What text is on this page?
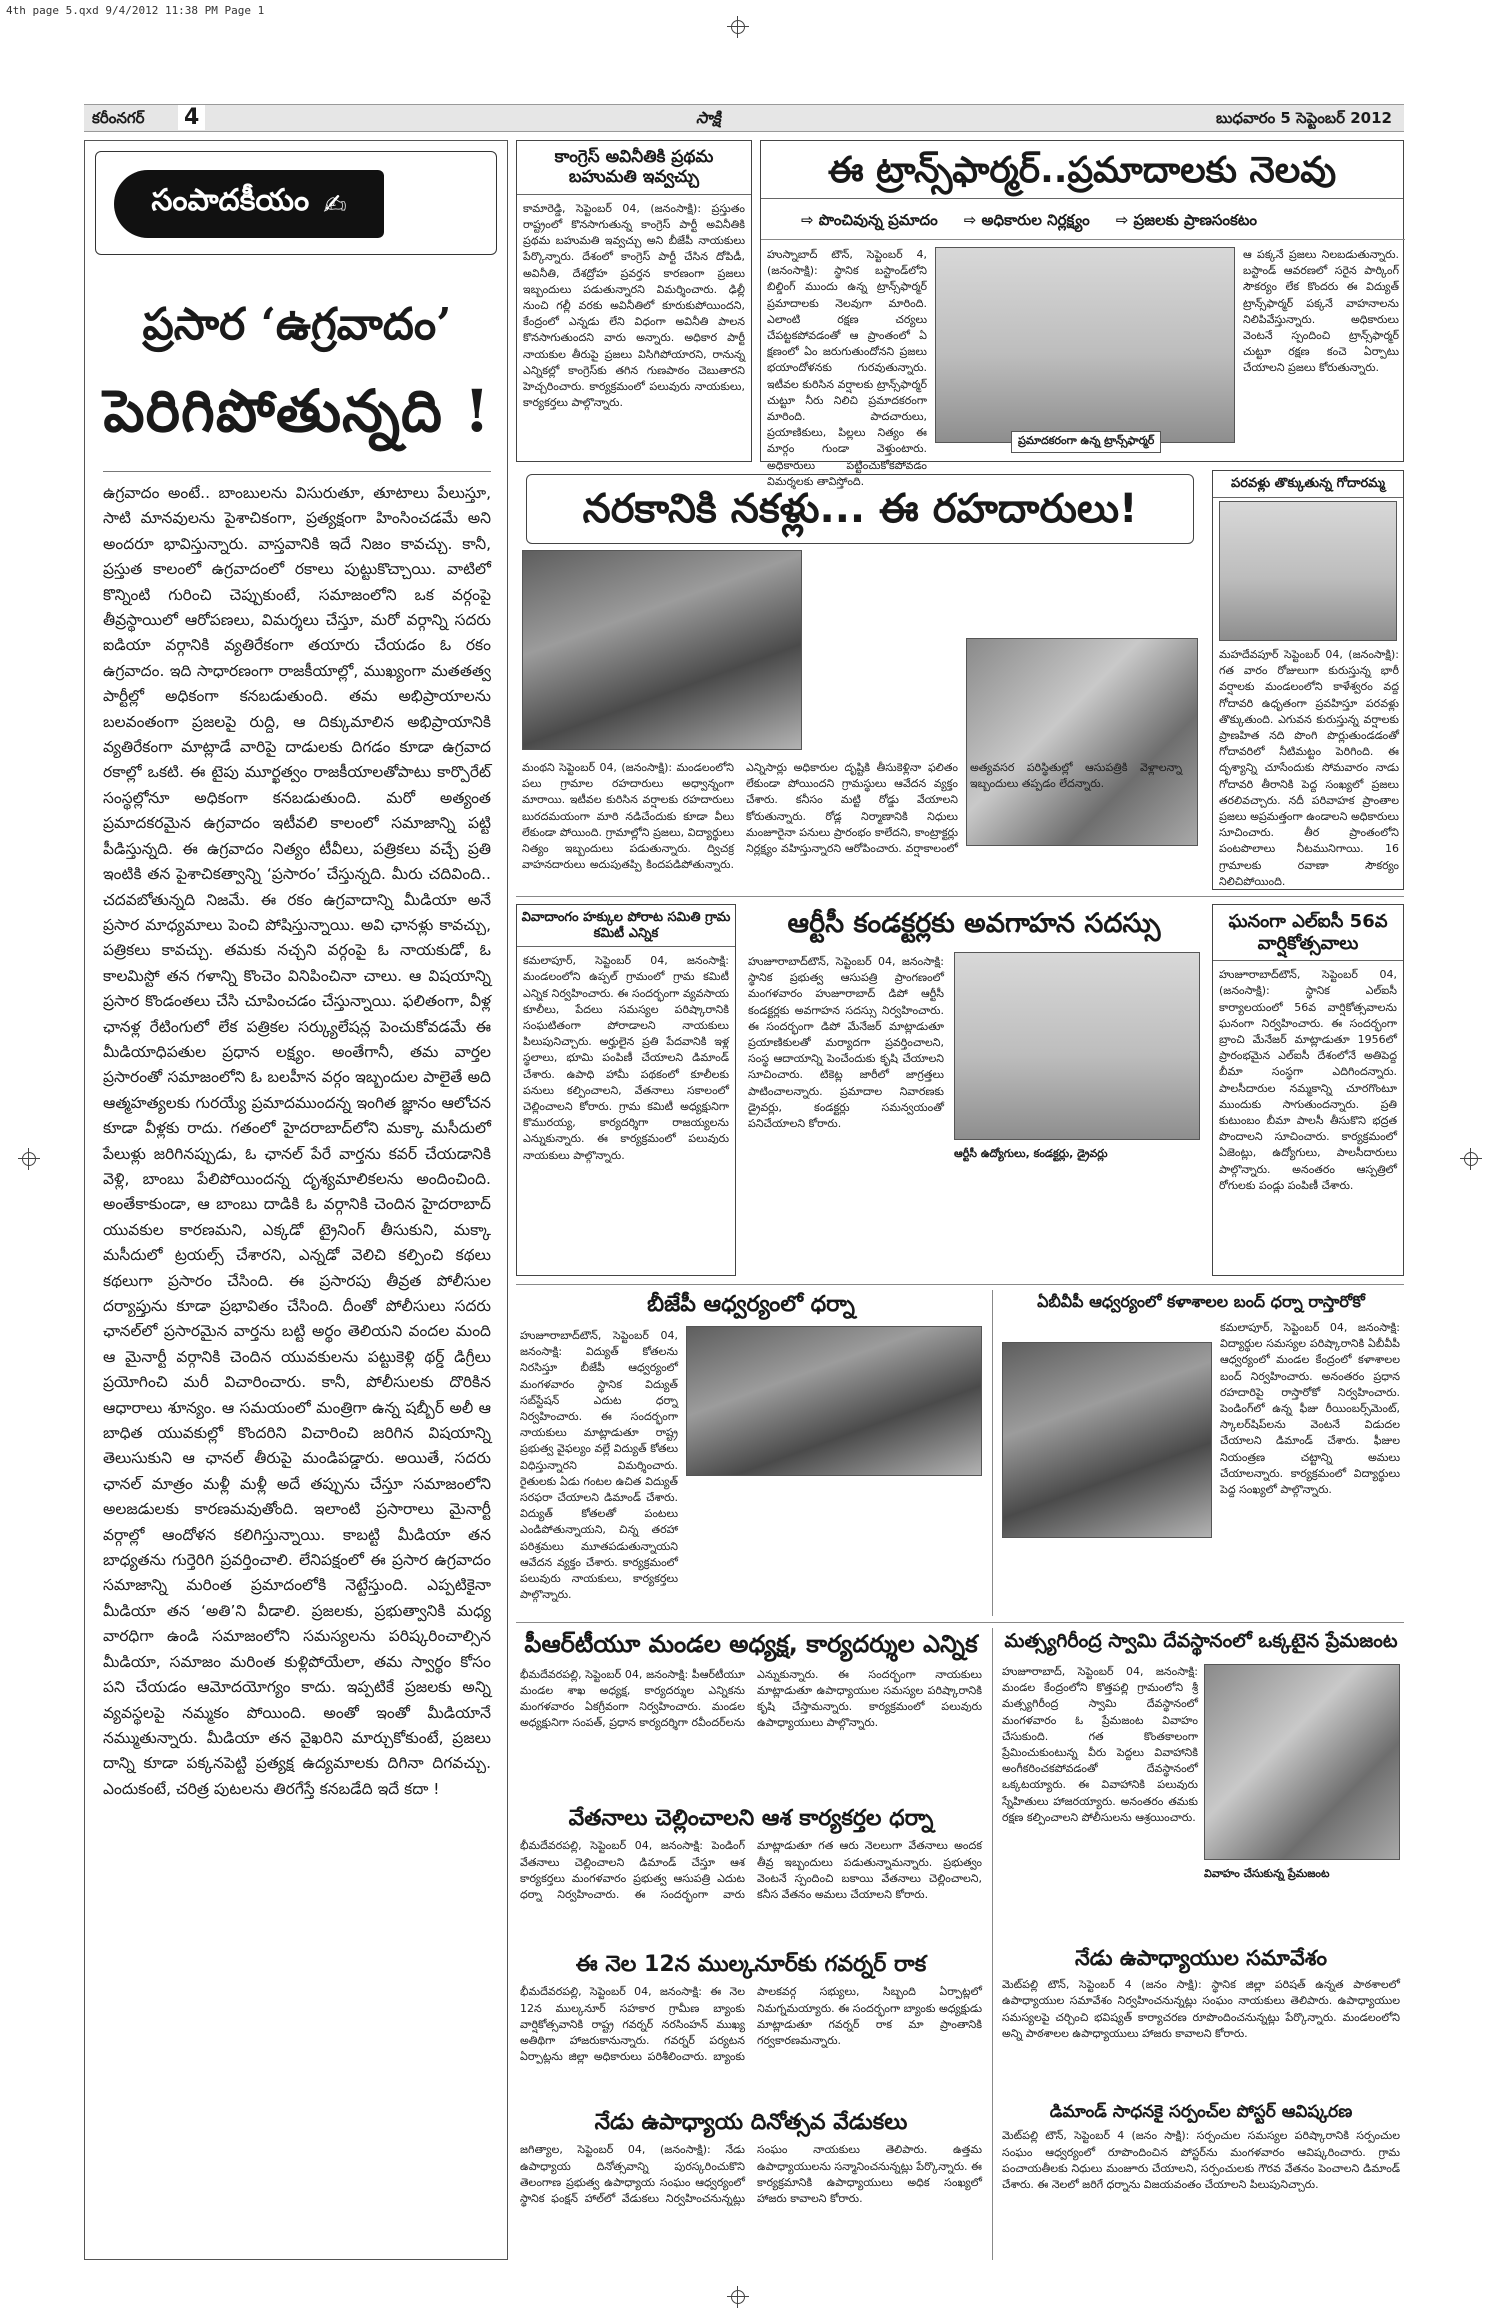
4th page 5.qxd 9/4/2012 11:38 PM Page 1
కరీంనగర్ 4	సాక్షి	బుధవారం 5 సెప్టెంబర్ 2012
సంపాదకీయం ✍
ప్రసార ‘ఉగ్రవాదం’
పెరిగిపోతున్నది !
ఉగ్రవాదం అంటే.. బాంబులను విసురుతూ, తూటాలు పేలుస్తూ, సాటి మానవులను పైశాచికంగా, ప్రత్యక్షంగా హింసించడమే అని అందరూ భావిస్తున్నారు. వాస్తవానికి ఇదే నిజం కావచ్చు. కానీ, ప్రస్తుత కాలంలో ఉగ్రవాదంలో రకాలు పుట్టుకొచ్చాయి. వాటిలో కొన్నింటి గురించి చెప్పుకుంటే, సమాజంలోని ఒక వర్గంపై తీవ్రస్థాయిలో ఆరోపణలు, విమర్శలు చేస్తూ, మరో వర్గాన్ని సదరు ఐడియా వర్గానికి వ్యతిరేకంగా తయారు చేయడం ఓ రకం ఉగ్రవాదం. ఇది సాధారణంగా రాజకీయాల్లో, ముఖ్యంగా మతతత్వ పార్టీల్లో అధికంగా కనబడుతుంది. తమ అభిప్రాయాలను బలవంతంగా ప్రజలపై రుద్ది, ఆ దిక్కుమాలిన అభిప్రాయానికి వ్యతిరేకంగా మాట్లాడే వారిపై దాడులకు దిగడం కూడా ఉగ్రవాద రకాల్లో ఒకటి. ఈ టైపు మూర్ఖత్వం రాజకీయాలతోపాటు కార్పొరేట్ సంస్థల్లోనూ అధికంగా కనబడుతుంది. మరో అత్యంత ప్రమాదకరమైన ఉగ్రవాదం ఇటీవలి కాలంలో సమాజాన్ని పట్టి పీడిస్తున్నది. ఈ ఉగ్రవాదం నిత్యం టీవీలు, పత్రికలు వచ్చే ప్రతి ఇంటికి తన పైశాచికత్వాన్ని ‘ప్రసారం’ చేస్తున్నది. మీరు చదివింది.. చదవబోతున్నది నిజమే. ఈ రకం ఉగ్రవాదాన్ని మీడియా అనే ప్రసార మాధ్యమాలు పెంచి పోషిస్తున్నాయి. అవి ఛానళ్లు కావచ్చు, పత్రికలు కావచ్చు. తమకు నచ్చని వర్గంపై ఓ నాయకుడో, ఓ కాలమిస్టో తన గళాన్ని కొంచెం వినిపించినా చాలు. ఆ విషయాన్ని ప్రసార కొండంతలు చేసి చూపించడం చేస్తున్నాయి. ఫలితంగా, వీళ్ల ఛానళ్ల రేటింగులో లేక పత్రికల సర్క్యులేషన్ల పెంచుకోవడమే ఈ మీడియాధిపతుల ప్రధాన లక్ష్యం. అంతేగానీ, తమ వార్తల ప్రసారంతో సమాజంలోని ఓ బలహీన వర్గం ఇబ్బందుల పాలైతే అది ఆత్మహత్యలకు గురయ్యే ప్రమాదముందన్న ఇంగిత జ్ఞానం ఆలోచన కూడా వీళ్లకు రాదు. గతంలో హైదరాబాద్‌లోని మక్కా మసీదులో పేలుళ్లు జరిగినప్పుడు, ఓ ఛానల్ పేరే వార్తను కవర్ చేయడానికి వెళ్లి, బాంబు పేలిపోయిందన్న దృశ్యమాలికలను అందించింది. అంతేకాకుండా, ఆ బాంబు దాడికి ఓ వర్గానికి చెందిన హైదరాబాద్ యువకుల కారణమని, ఎక్కడో ట్రైనింగ్ తీసుకుని, మక్కా మసీదులో ట్రయల్స్ చేశారని, ఎన్నడో వెలిచి కల్పించి కథలు కథలుగా ప్రసారం చేసింది. ఈ ప్రసారపు తీవ్రత పోలీసుల దర్యాప్తును కూడా ప్రభావితం చేసింది. దీంతో పోలీసులు సదరు ఛానల్‌లో ప్రసారమైన వార్తను బట్టి అర్థం తెలియని వందల మంది ఆ మైనార్టీ వర్గానికి చెందిన యువకులను పట్టుకెళ్లి థర్డ్ డిగ్రీలు ప్రయోగించి మరీ విచారించారు. కానీ, పోలీసులకు దొరికిన ఆధారాలు శూన్యం. ఆ సమయంలో మంత్రిగా ఉన్న షబ్బీర్ అలీ ఆ బాధిత యువకుల్లో కొందరిని విచారించి జరిగిన విషయాన్ని తెలుసుకుని ఆ ఛానల్ తీరుపై మండిపడ్డారు. అయితే, సదరు ఛానల్ మాత్రం మళ్లీ మళ్లీ అదే తప్పును చేస్తూ సమాజంలోని అలజడులకు కారణమవుతోంది. ఇలాంటి ప్రసారాలు మైనార్టీ వర్గాల్లో ఆందోళన కలిగిస్తున్నాయి. కాబట్టి మీడియా తన బాధ్యతను గుర్తెరిగి ప్రవర్తించాలి. లేనిపక్షంలో ఈ ప్రసార ఉగ్రవాదం సమాజాన్ని మరింత ప్రమాదంలోకి నెట్టేస్తుంది. ఎప్పటికైనా మీడియా తన ‘అతి’ని వీడాలి. ప్రజలకు, ప్రభుత్వానికి మధ్య వారధిగా ఉండి సమాజంలోని సమస్యలను పరిష్కరించాల్సిన మీడియా, సమాజం మరింత కుళ్లిపోయేలా, తమ స్వార్థం కోసం పని చేయడం ఆమోదయోగ్యం కాదు. ఇప్పటికే ప్రజలకు అన్ని వ్యవస్థలపై నమ్మకం పోయింది. అంతో ఇంతో మీడియానే నమ్ముతున్నారు. మీడియా తన వైఖరిని మార్చుకోకుంటే, ప్రజలు దాన్ని కూడా పక్కనపెట్టి ప్రత్యక్ష ఉద్యమాలకు దిగినా దిగవచ్చు. ఎందుకంటే, చరిత్ర పుటలను తిరగేస్తే కనబడేది ఇదే కదా !
కాంగ్రెస్ అవినీతికి ప్రథమ బహుమతి ఇవ్వచ్చు
కామారెడ్డి, సెప్టెంబర్ 04, (జనంసాక్షి): ప్రస్తుతం రాష్ట్రంలో కొనసాగుతున్న కాంగ్రెస్ పార్టీ అవినీతికి ప్రథమ బహుమతి ఇవ్వచ్చు అని బీజేపీ నాయకులు పేర్కొన్నారు. దేశంలో కాంగ్రెస్ పార్టీ చేసిన దోపిడీ, అవినీతి, దేశద్రోహ ప్రవర్తన కారణంగా ప్రజలు ఇబ్బందులు పడుతున్నారని విమర్శించారు. ఢిల్లీ నుంచి గల్లీ వరకు అవినీతిలో కూరుకుపోయిందని, కేంద్రంలో ఎన్నడు లేని విధంగా అవినీతి పాలన కొనసాగుతుందని వారు అన్నారు. అధికార పార్టీ నాయకుల తీరుపై ప్రజలు విసిగిపోయారని, రానున్న ఎన్నికల్లో కాంగ్రెస్‌కు తగిన గుణపాఠం చెబుతారని హెచ్చరించారు. కార్యక్రమంలో పలువురు నాయకులు, కార్యకర్తలు పాల్గొన్నారు.
ఈ ట్రాన్స్‌ఫార్మర్..ప్రమాదాలకు నెలవు
⇨ పొంచివున్న ప్రమాదం	⇨ అధికారుల నిర్లక్ష్యం	⇨ ప్రజలకు ప్రాణసంకటం
హుస్నాబాద్ టౌన్, సెప్టెంబర్ 4, (జనంసాక్షి): స్థానిక బస్టాండ్‌లోని బిల్డింగ్ ముందు ఉన్న ట్రాన్స్‌ఫార్మర్ ప్రమాదాలకు నెలవుగా మారింది. ఎలాంటి రక్షణ చర్యలు చేపట్టకపోవడంతో ఆ ప్రాంతంలో ఏ క్షణంలో ఏం జరుగుతుందోనని ప్రజలు భయాందోళనకు గురవుతున్నారు. ఇటీవల కురిసిన వర్షాలకు ట్రాన్స్‌ఫార్మర్ చుట్టూ నీరు నిలిచి ప్రమాదకరంగా మారింది. పాదచారులు, ప్రయాణికులు, పిల్లలు నిత్యం ఈ మార్గం గుండా వెళ్తుంటారు. అధికారులు పట్టించుకోకపోవడం విమర్శలకు తావిస్తోంది.
ప్రమాదకరంగా ఉన్న ట్రాన్స్‌ఫార్మర్
ఆ పక్కనే ప్రజలు నిలబడుతున్నారు. బస్టాండ్ ఆవరణలో సరైన పార్కింగ్ సౌకర్యం లేక కొందరు ఈ విద్యుత్ ట్రాన్స్‌ఫార్మర్ పక్కనే వాహనాలను నిలిపివేస్తున్నారు. అధికారులు వెంటనే స్పందించి ట్రాన్స్‌ఫార్మర్ చుట్టూ రక్షణ కంచె ఏర్పాటు చేయాలని ప్రజలు కోరుతున్నారు.
నరకానికి నకళ్లు... ఈ రహదారులు!
మంథని సెప్టెంబర్ 04, (జనంసాక్షి): మండలంలోని పలు గ్రామాల రహదారులు అధ్వాన్నంగా మారాయి. ఇటీవల కురిసిన వర్షాలకు రహదారులు బురదమయంగా మారి నడిచేందుకు కూడా వీలు లేకుండా పోయింది. గ్రామాల్లోని ప్రజలు, విద్యార్థులు నిత్యం ఇబ్బందులు పడుతున్నారు. ద్విచక్ర వాహనదారులు అదుపుతప్పి కిందపడిపోతున్నారు. ఎన్నిసార్లు అధికారుల దృష్టికి తీసుకెళ్లినా ఫలితం లేకుండా పోయిందని గ్రామస్థులు ఆవేదన వ్యక్తం చేశారు. కనీసం మట్టి రోడ్డు వేయాలని కోరుతున్నారు. రోడ్ల నిర్మాణానికి నిధులు మంజూరైనా పనులు ప్రారంభం కాలేదని, కాంట్రాక్టర్లు నిర్లక్ష్యం వహిస్తున్నారని ఆరోపించారు. వర్షాకాలంలో
పరవళ్లు తొక్కుతున్న గోదారమ్మ
మహదేవపూర్ సెప్టెంబర్ 04, (జనంసాక్షి): గత వారం రోజులుగా కురుస్తున్న భారీ వర్షాలకు మండలంలోని కాళేశ్వరం వద్ద గోదావరి ఉధృతంగా ప్రవహిస్తూ పరవళ్లు తొక్కుతుంది. ఎగువన కురుస్తున్న వర్షాలకు ప్రాణహిత నది పొంగి పొర్లుతుండడంతో గోదావరిలో నీటిమట్టం పెరిగింది. ఈ దృశ్యాన్ని చూసేందుకు సోమవారం నాడు గోదావరి తీరానికి పెద్ద సంఖ్యలో ప్రజలు తరలివచ్చారు. నదీ పరివాహక ప్రాంతాల ప్రజలు అప్రమత్తంగా ఉండాలని అధికారులు సూచించారు. తీర ప్రాంతంలోని పంటపొలాలు నీటమునిగాయి. 16 గ్రామాలకు రవాణా సౌకర్యం నిలిచిపోయింది.
వివాదాంగం హక్కుల పోరాట సమితి గ్రామ కమిటీ ఎన్నిక
కమలాపూర్, సెప్టెంబర్ 04, జనంసాక్షి: మండలంలోని ఉప్పల్ గ్రామంలో గ్రామ కమిటీ ఎన్నిక నిర్వహించారు. ఈ సందర్భంగా వ్యవసాయ కూలీలు, పేదలు సమస్యల పరిష్కారానికి సంఘటితంగా పోరాడాలని నాయకులు పిలుపునిచ్చారు. అర్హులైన ప్రతి పేదవానికి ఇళ్ల స్థలాలు, భూమి పంపిణీ చేయాలని డిమాండ్ చేశారు. ఉపాధి హామీ పథకంలో కూలీలకు పనులు కల్పించాలని, వేతనాలు సకాలంలో చెల్లించాలని కోరారు. గ్రామ కమిటీ అధ్యక్షునిగా కొమురయ్య, కార్యదర్శిగా రాజయ్యలను ఎన్నుకున్నారు. ఈ కార్యక్రమంలో పలువురు నాయకులు పాల్గొన్నారు.
ఆర్టీసీ కండక్టర్లకు అవగాహన సదస్సు
హుజూరాబాద్‌టౌన్, సెప్టెంబర్ 04, జనంసాక్షి: స్థానిక ప్రభుత్వ ఆసుపత్రి ప్రాంగణంలో మంగళవారం హుజూరాబాద్ డిపో ఆర్టీసీ కండక్టర్లకు అవగాహన సదస్సు నిర్వహించారు. ఈ సందర్భంగా డిపో మేనేజర్ మాట్లాడుతూ ప్రయాణికులతో మర్యాదగా ప్రవర్తించాలని, సంస్థ ఆదాయాన్ని పెంచేందుకు కృషి చేయాలని సూచించారు. టికెట్ల జారీలో జాగ్రత్తలు పాటించాలన్నారు. ప్రమాదాల నివారణకు డ్రైవర్లు, కండక్టర్లు సమన్వయంతో పనిచేయాలని కోరారు.
ఆర్టీసీ ఉద్యోగులు, కండక్టర్లు, డ్రైవర్లు
ఘనంగా ఎల్‌ఐసీ 56వ వార్షికోత్సవాలు
హుజూరాబాద్‌టౌన్, సెప్టెంబర్ 04, (జనంసాక్షి): స్థానిక ఎల్‌ఐసీ కార్యాలయంలో 56వ వార్షికోత్సవాలను ఘనంగా నిర్వహించారు. ఈ సందర్భంగా బ్రాంచి మేనేజర్ మాట్లాడుతూ 1956లో ప్రారంభమైన ఎల్‌ఐసీ దేశంలోనే అతిపెద్ద బీమా సంస్థగా ఎదిగిందన్నారు. పాలసీదారుల నమ్మకాన్ని చూరగొంటూ ముందుకు సాగుతుందన్నారు. ప్రతి కుటుంబం బీమా పాలసీ తీసుకొని భద్రత పొందాలని సూచించారు. కార్యక్రమంలో ఏజెంట్లు, ఉద్యోగులు, పాలసీదారులు పాల్గొన్నారు. అనంతరం ఆస్పత్రిలో రోగులకు పండ్లు పంపిణీ చేశారు.
బీజేపీ ఆధ్వర్యంలో ధర్నా
హుజూరాబాద్‌టౌన్, సెప్టెంబర్ 04, జనంసాక్షి: విద్యుత్ కోతలను నిరసిస్తూ బీజేపీ ఆధ్వర్యంలో మంగళవారం స్థానిక విద్యుత్ సబ్‌స్టేషన్ ఎదుట ధర్నా నిర్వహించారు. ఈ సందర్భంగా నాయకులు మాట్లాడుతూ రాష్ట్ర ప్రభుత్వ వైఫల్యం వల్లే విద్యుత్ కోతలు విధిస్తున్నారని విమర్శించారు. రైతులకు ఏడు గంటల ఉచిత విద్యుత్ సరఫరా చేయాలని డిమాండ్ చేశారు. విద్యుత్ కోతలతో పంటలు ఎండిపోతున్నాయని, చిన్న తరహా పరిశ్రమలు మూతపడుతున్నాయని ఆవేదన వ్యక్తం చేశారు. కార్యక్రమంలో పలువురు నాయకులు, కార్యకర్తలు పాల్గొన్నారు.
ఏబీవీపీ ఆధ్వర్యంలో కళాశాలల బంద్ ధర్నా రాస్తారోకో
కమలాపూర్, సెప్టెంబర్ 04, జనంసాక్షి: విద్యార్థుల సమస్యల పరిష్కారానికి ఏబీవీపీ ఆధ్వర్యంలో మండల కేంద్రంలో కళాశాలల బంద్ నిర్వహించారు. అనంతరం ప్రధాన రహదారిపై రాస్తారోకో నిర్వహించారు. పెండింగ్‌లో ఉన్న ఫీజు రీయింబర్స్‌మెంట్, స్కాలర్‌షిప్‌లను వెంటనే విడుదల చేయాలని డిమాండ్ చేశారు. ఫీజుల నియంత్రణ చట్టాన్ని అమలు చేయాలన్నారు. కార్యక్రమంలో విద్యార్థులు పెద్ద సంఖ్యలో పాల్గొన్నారు.
పీఆర్‌టీయూ మండల అధ్యక్ష, కార్యదర్శుల ఎన్నిక
భీమదేవరపల్లి, సెప్టెంబర్ 04, జనంసాక్షి: పీఆర్‌టీయూ మండల శాఖ అధ్యక్ష, కార్యదర్శుల ఎన్నికను మంగళవారం ఏకగ్రీవంగా నిర్వహించారు. మండల అధ్యక్షునిగా సంపత్, ప్రధాన కార్యదర్శిగా రవీందర్‌లను ఎన్నుకున్నారు. ఈ సందర్భంగా నాయకులు మాట్లాడుతూ ఉపాధ్యాయుల సమస్యల పరిష్కారానికి కృషి చేస్తామన్నారు. కార్యక్రమంలో పలువురు ఉపాధ్యాయులు పాల్గొన్నారు.
మత్స్యగిరీంద్ర స్వామి దేవస్థానంలో ఒక్కటైన ప్రేమజంట
హుజూరాబాద్, సెప్టెంబర్ 04, జనంసాక్షి: మండల కేంద్రంలోని కొత్తపల్లి గ్రామంలోని శ్రీ మత్స్యగిరీంద్ర స్వామి దేవస్థానంలో మంగళవారం ఓ ప్రేమజంట వివాహం చేసుకుంది. గత కొంతకాలంగా ప్రేమించుకుంటున్న వీరు పెద్దలు వివాహానికి అంగీకరించకపోవడంతో దేవస్థానంలో ఒక్కటయ్యారు. ఈ వివాహానికి పలువురు స్నేహితులు హాజరయ్యారు. అనంతరం తమకు రక్షణ కల్పించాలని పోలీసులను ఆశ్రయించారు.
వివాహం చేసుకున్న ప్రేమజంట
వేతనాలు చెల్లించాలని ఆశ కార్యకర్తల ధర్నా
భీమదేవరపల్లి, సెప్టెంబర్ 04, జనంసాక్షి: పెండింగ్ వేతనాలు చెల్లించాలని డిమాండ్ చేస్తూ ఆశ కార్యకర్తలు మంగళవారం ప్రభుత్వ ఆసుపత్రి ఎదుట ధర్నా నిర్వహించారు. ఈ సందర్భంగా వారు మాట్లాడుతూ గత ఆరు నెలలుగా వేతనాలు అందక తీవ్ర ఇబ్బందులు పడుతున్నామన్నారు. ప్రభుత్వం వెంటనే స్పందించి బకాయి వేతనాలు చెల్లించాలని, కనీస వేతనం అమలు చేయాలని కోరారు.
ఈ నెల 12న ముల్కనూర్‌కు గవర్నర్ రాక
భీమదేవరపల్లి, సెప్టెంబర్ 04, జనంసాక్షి: ఈ నెల 12న ముల్కనూర్ సహకార గ్రామీణ బ్యాంకు వార్షికోత్సవానికి రాష్ట్ర గవర్నర్ నరసింహన్ ముఖ్య అతిథిగా హాజరుకానున్నారు. గవర్నర్ పర్యటన ఏర్పాట్లను జిల్లా అధికారులు పరిశీలించారు. బ్యాంకు పాలకవర్గ సభ్యులు, సిబ్బంది ఏర్పాట్లలో నిమగ్నమయ్యారు. ఈ సందర్భంగా బ్యాంకు అధ్యక్షుడు మాట్లాడుతూ గవర్నర్ రాక మా ప్రాంతానికి గర్వకారణమన్నారు.
నేడు ఉపాధ్యాయ దినోత్సవ వేడుకలు
జగిత్యాల, సెప్టెంబర్ 04, (జనంసాక్షి): నేడు ఉపాధ్యాయ దినోత్సవాన్ని పురస్కరించుకొని తెలంగాణ ప్రభుత్వ ఉపాధ్యాయ సంఘం ఆధ్వర్యంలో స్థానిక ఫంక్షన్ హాల్‌లో వేడుకలు నిర్వహించనున్నట్లు సంఘం నాయకులు తెలిపారు. ఉత్తమ ఉపాధ్యాయులను సన్మానించనున్నట్లు పేర్కొన్నారు. ఈ కార్యక్రమానికి ఉపాధ్యాయులు అధిక సంఖ్యలో హాజరు కావాలని కోరారు.
నేడు ఉపాధ్యాయుల సమావేశం
మెట్‌పల్లి టౌన్, సెప్టెంబర్ 4 (జనం సాక్షి): స్థానిక జిల్లా పరిషత్ ఉన్నత పాఠశాలలో ఉపాధ్యాయుల సమావేశం నిర్వహించనున్నట్లు సంఘం నాయకులు తెలిపారు. ఉపాధ్యాయుల సమస్యలపై చర్చించి భవిష్యత్ కార్యాచరణ రూపొందించనున్నట్లు పేర్కొన్నారు. మండలంలోని అన్ని పాఠశాలల ఉపాధ్యాయులు హాజరు కావాలని కోరారు.
డిమాండ్ సాధనకై సర్పంచ్‌ల పోస్టర్ ఆవిష్కరణ
మెట్‌పల్లి టౌన్, సెప్టెంబర్ 4 (జనం సాక్షి): సర్పంచుల సమస్యల పరిష్కారానికి సర్పంచుల సంఘం ఆధ్వర్యంలో రూపొందించిన పోస్టర్‌ను మంగళవారం ఆవిష్కరించారు. గ్రామ పంచాయతీలకు నిధులు మంజూరు చేయాలని, సర్పంచులకు గౌరవ వేతనం పెంచాలని డిమాండ్ చేశారు. ఈ నెలలో జరిగే ధర్నాను విజయవంతం చేయాలని పిలుపునిచ్చారు.
